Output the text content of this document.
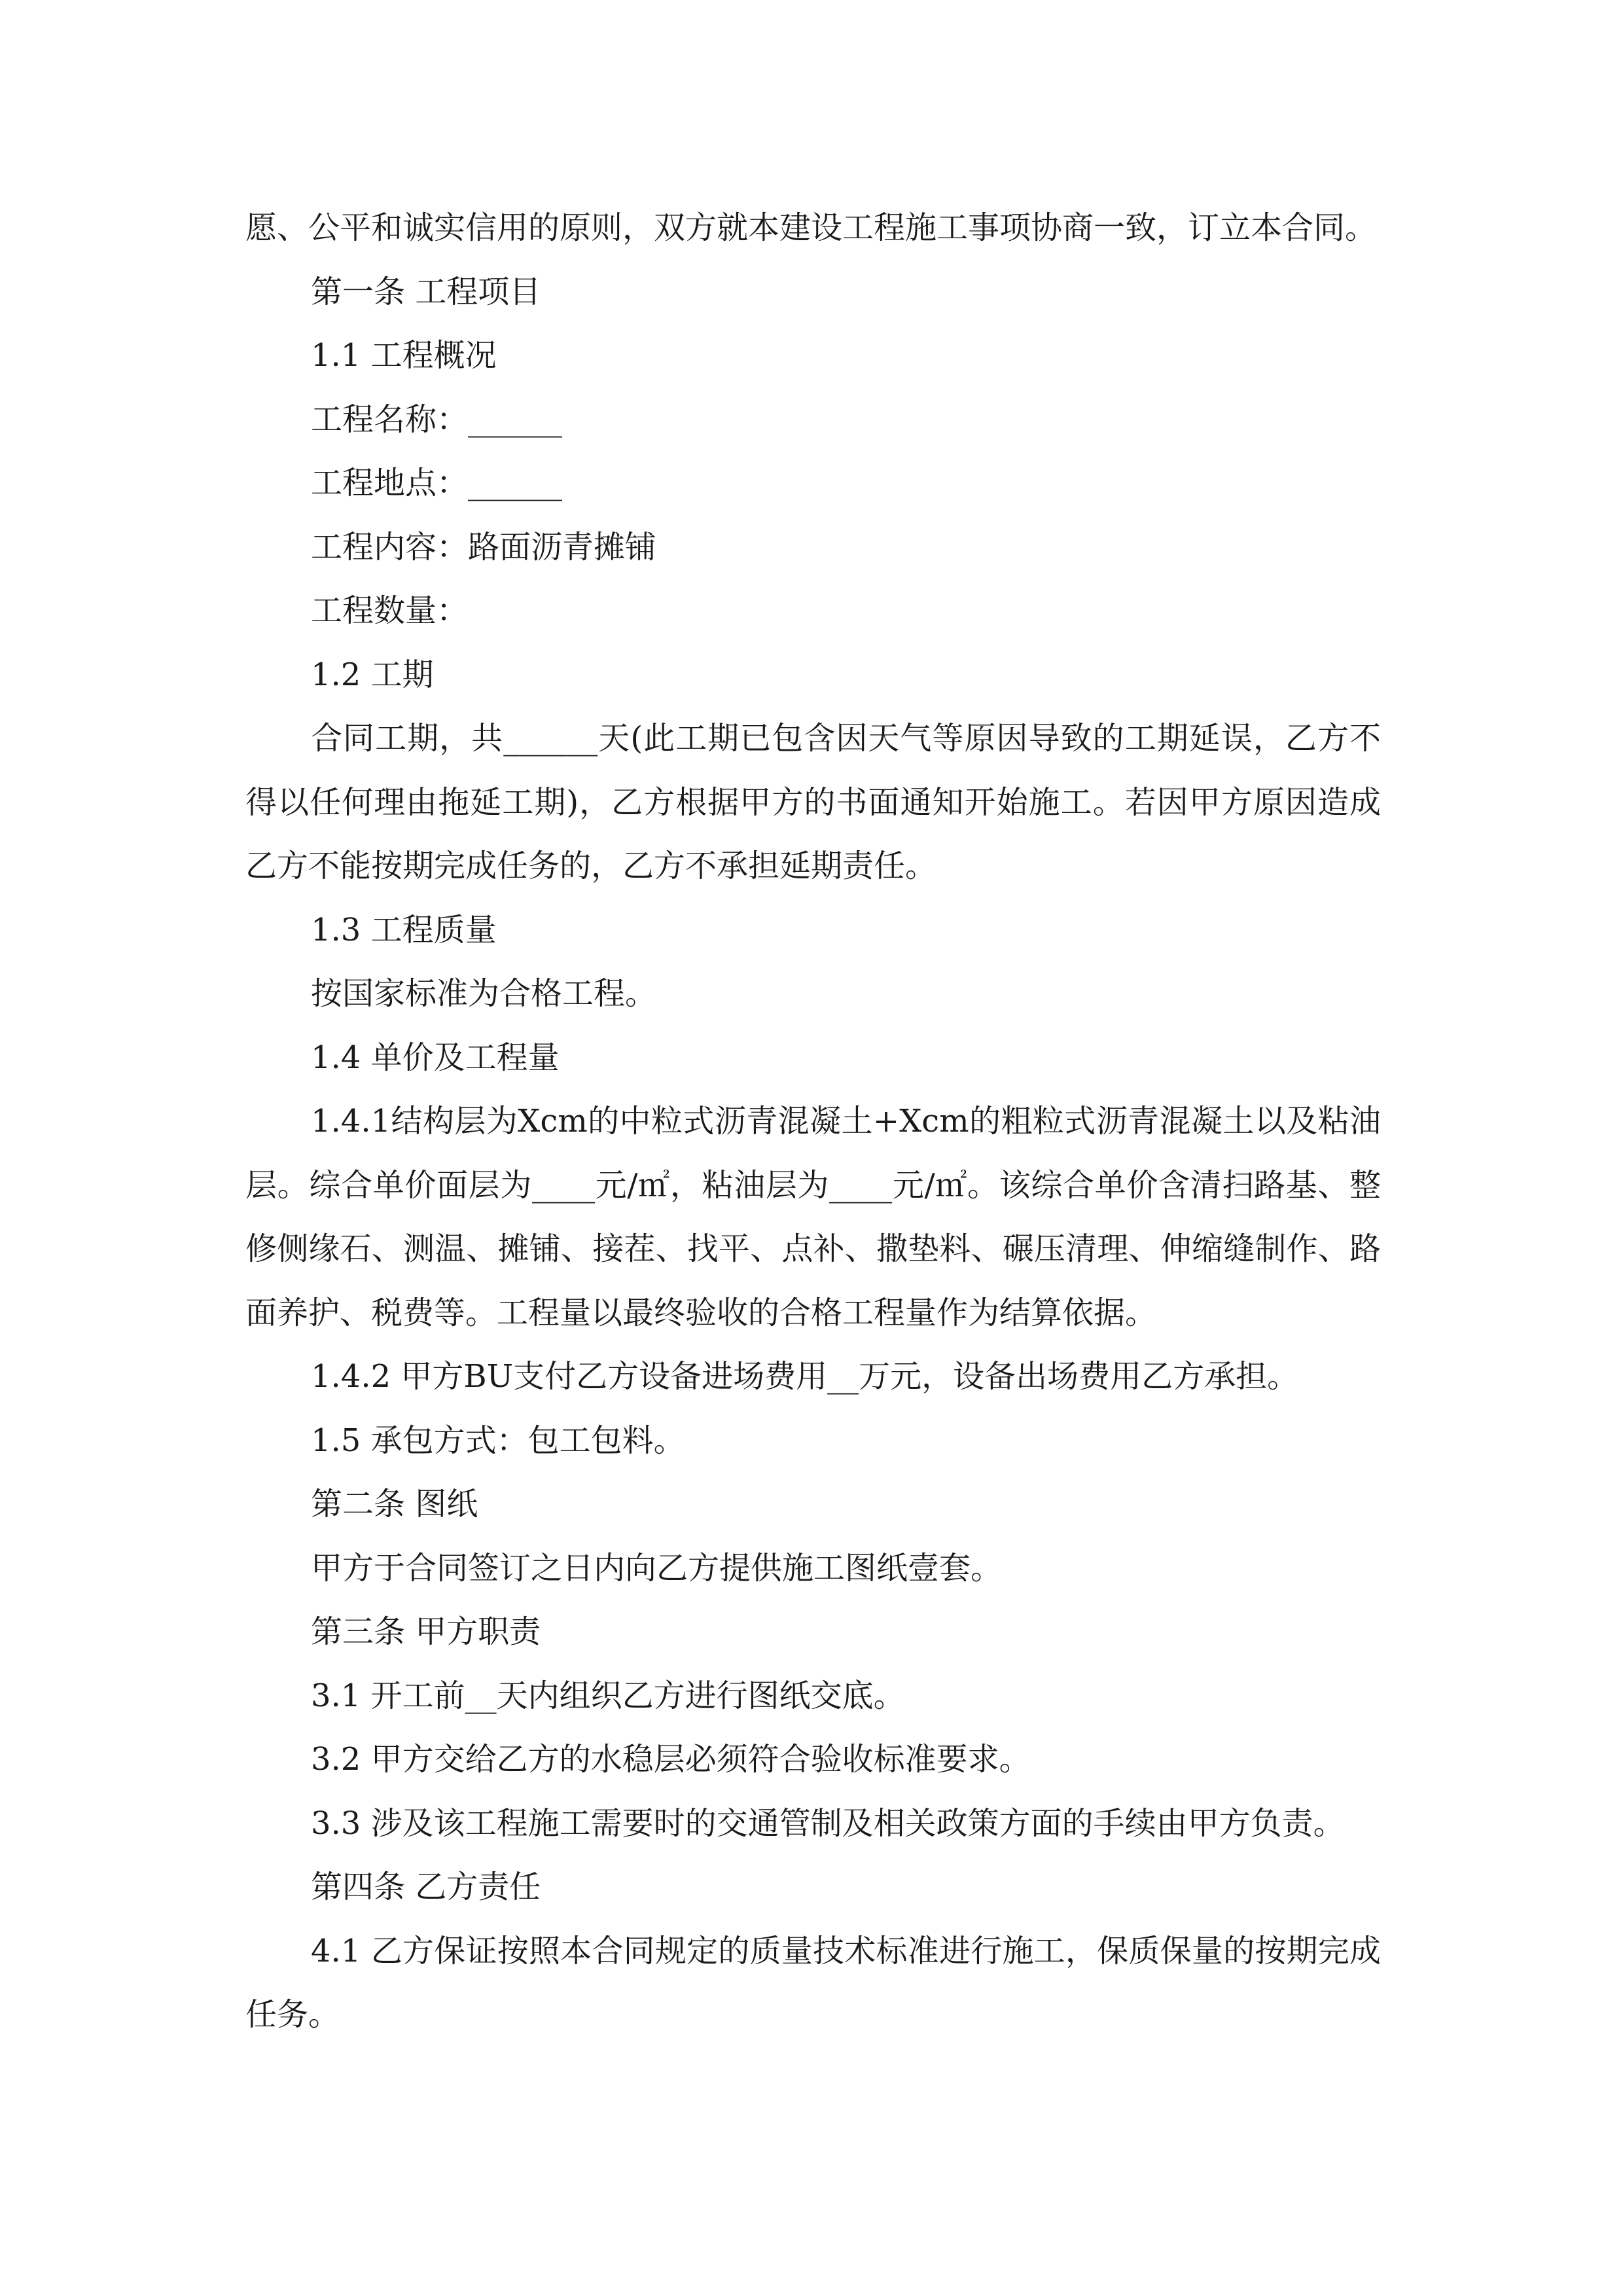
愿、公平和诚实信用的原则，双方就本建设工程施工事项协商一致，订立本合同。

第一条 工程项目

1.1 工程概况

工程名称：______

工程地点：______

工程内容：路面沥青摊铺

工程数量：

1.2 工期

合同工期，共______天(此工期已包含因天气等原因导致的工期延误，乙方不得以任何理由拖延工期)，乙方根据甲方的书面通知开始施工。若因甲方原因造成乙方不能按期完成任务的，乙方不承担延期责任。

1.3 工程质量

按国家标准为合格工程。

1.4 单价及工程量

1.4.1结构层为Xcm的中粒式沥青混凝土+Xcm的粗粒式沥青混凝土以及粘油层。综合单价面层为____元/㎡，粘油层为____元/㎡。该综合单价含清扫路基、整修侧缘石、测温、摊铺、接茬、找平、点补、撒垫料、碾压清理、伸缩缝制作、路面养护、税费等。工程量以最终验收的合格工程量作为结算依据。

1.4.2 甲方BU支付乙方设备进场费用__万元，设备出场费用乙方承担。

1.5 承包方式：包工包料。

第二条 图纸

甲方于合同签订之日内向乙方提供施工图纸壹套。

第三条 甲方职责

3.1 开工前__天内组织乙方进行图纸交底。

3.2 甲方交给乙方的水稳层必须符合验收标准要求。

3.3 涉及该工程施工需要时的交通管制及相关政策方面的手续由甲方负责。

第四条 乙方责任

4.1 乙方保证按照本合同规定的质量技术标准进行施工，保质保量的按期完成任务。
